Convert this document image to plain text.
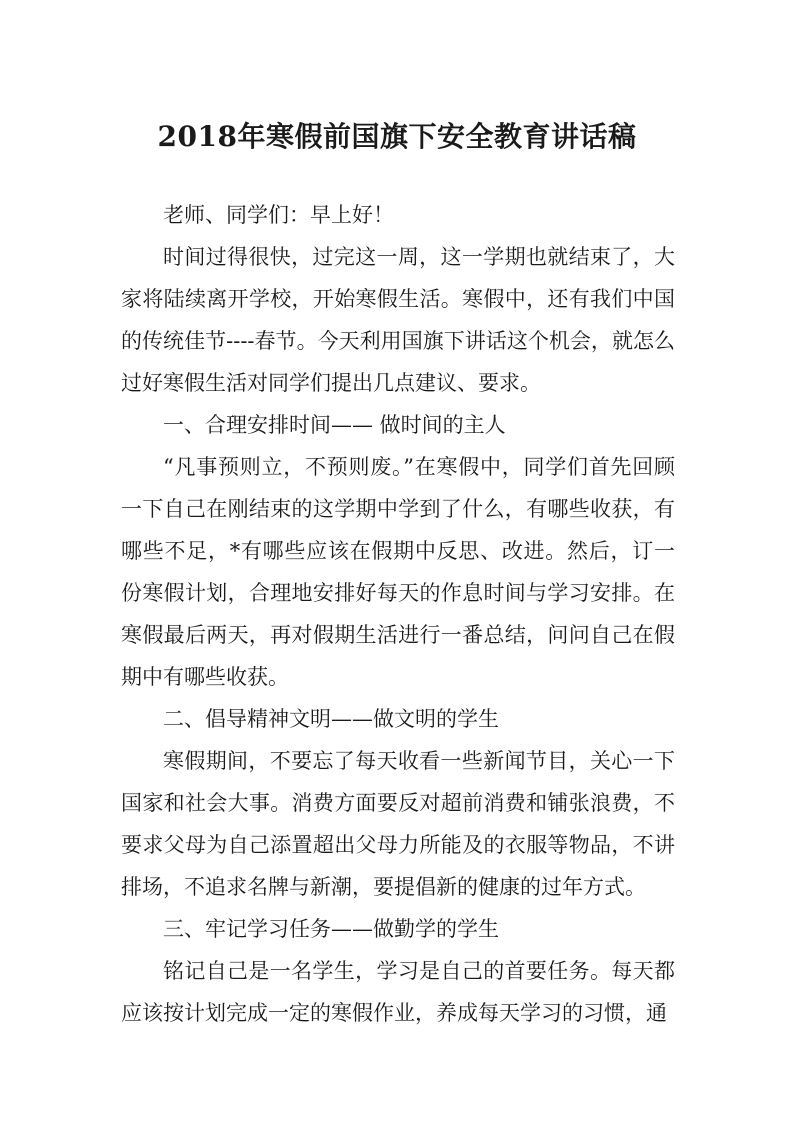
2018年寒假前国旗下安全教育讲话稿

老师、同学们：早上好！

时间过得很快，过完这一周，这一学期也就结束了，大家将陆续离开学校，开始寒假生活。寒假中，还有我们中国的传统佳节----春节。今天利用国旗下讲话这个机会，就怎么过好寒假生活对同学们提出几点建议、要求。

一、合理安排时间—— 做时间的主人

“凡事预则立，不预则废。”在寒假中，同学们首先回顾一下自己在刚结束的这学期中学到了什么，有哪些收获，有哪些不足，*有哪些应该在假期中反思、改进。然后，订一份寒假计划，合理地安排好每天的作息时间与学习安排。在寒假最后两天，再对假期生活进行一番总结，问问自己在假期中有哪些收获。

二、倡导精神文明——做文明的学生

寒假期间，不要忘了每天收看一些新闻节目，关心一下国家和社会大事。消费方面要反对超前消费和铺张浪费，不要求父母为自己添置超出父母力所能及的衣服等物品，不讲排场，不追求名牌与新潮，要提倡新的健康的过年方式。

三、牢记学习任务——做勤学的学生

铭记自己是一名学生，学习是自己的首要任务。每天都应该按计划完成一定的寒假作业，养成每天学习的习惯，通
